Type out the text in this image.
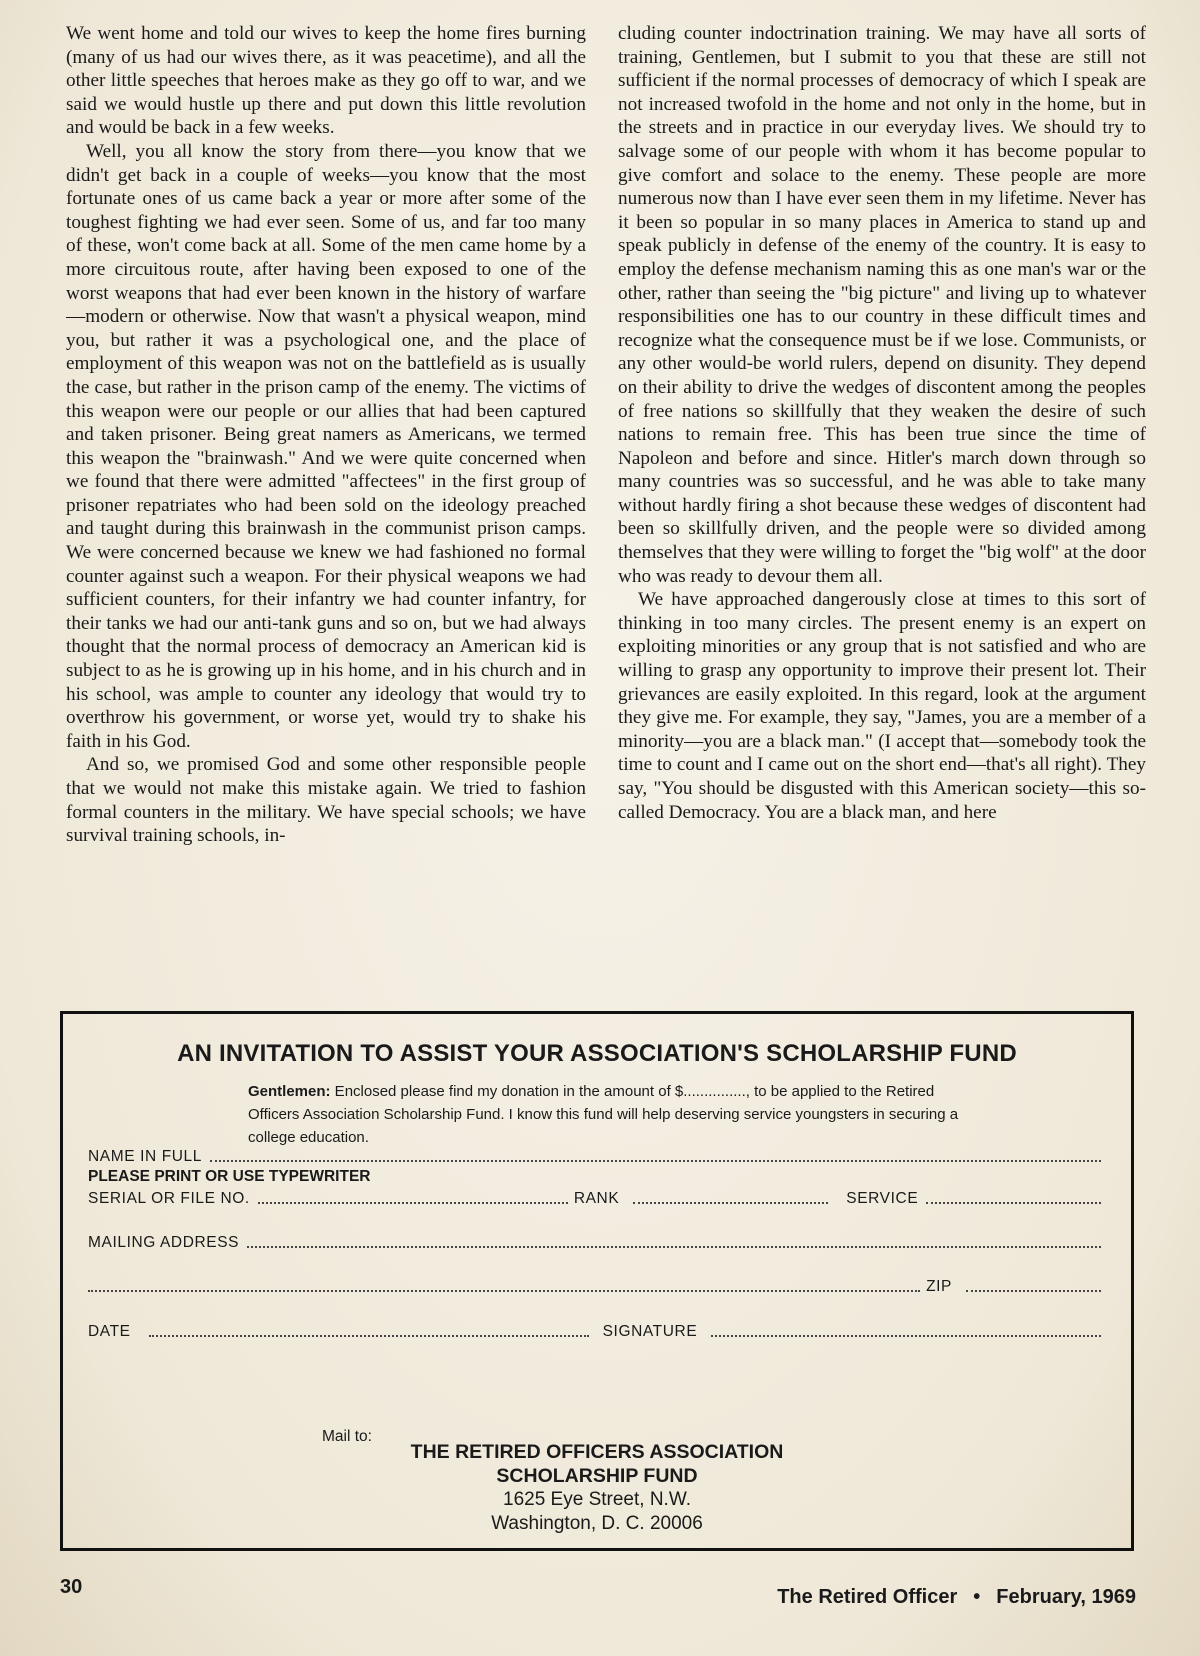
We went home and told our wives to keep the home fires burning (many of us had our wives there, as it was peacetime), and all the other little speeches that heroes make as they go off to war, and we said we would hustle up there and put down this little revolution and would be back in a few weeks.

Well, you all know the story from there—you know that we didn't get back in a couple of weeks—you know that the most fortunate ones of us came back a year or more after some of the toughest fighting we had ever seen. Some of us, and far too many of these, won't come back at all. Some of the men came home by a more circuitous route, after having been exposed to one of the worst weapons that had ever been known in the history of warfare—modern or otherwise. Now that wasn't a physical weapon, mind you, but rather it was a psychological one, and the place of employment of this weapon was not on the battlefield as is usually the case, but rather in the prison camp of the enemy. The victims of this weapon were our people or our allies that had been captured and taken prisoner. Being great namers as Americans, we termed this weapon the "brainwash." And we were quite concerned when we found that there were admitted "affectees" in the first group of prisoner repatriates who had been sold on the ideology preached and taught during this brainwash in the communist prison camps. We were concerned because we knew we had fashioned no formal counter against such a weapon. For their physical weapons we had sufficient counters, for their infantry we had counter infantry, for their tanks we had our anti-tank guns and so on, but we had always thought that the normal process of democracy an American kid is subject to as he is growing up in his home, and in his church and in his school, was ample to counter any ideology that would try to overthrow his government, or worse yet, would try to shake his faith in his God.

And so, we promised God and some other responsible people that we would not make this mistake again. We tried to fashion formal counters in the military. We have special schools; we have survival training schools, in-

cluding counter indoctrination training. We may have all sorts of training, Gentlemen, but I submit to you that these are still not sufficient if the normal processes of democracy of which I speak are not increased twofold in the home and not only in the home, but in the streets and in practice in our everyday lives. We should try to salvage some of our people with whom it has become popular to give comfort and solace to the enemy. These people are more numerous now than I have ever seen them in my lifetime. Never has it been so popular in so many places in America to stand up and speak publicly in defense of the enemy of the country. It is easy to employ the defense mechanism naming this as one man's war or the other, rather than seeing the "big picture" and living up to whatever responsibilities one has to our country in these difficult times and recognize what the consequence must be if we lose. Communists, or any other would-be world rulers, depend on disunity. They depend on their ability to drive the wedges of discontent among the peoples of free nations so skillfully that they weaken the desire of such nations to remain free. This has been true since the time of Napoleon and before and since. Hitler's march down through so many countries was so successful, and he was able to take many without hardly firing a shot because these wedges of discontent had been so skillfully driven, and the people were so divided among themselves that they were willing to forget the "big wolf" at the door who was ready to devour them all.

We have approached dangerously close at times to this sort of thinking in too many circles. The present enemy is an expert on exploiting minorities or any group that is not satisfied and who are willing to grasp any opportunity to improve their present lot. Their grievances are easily exploited. In this regard, look at the argument they give me. For example, they say, "James, you are a member of a minority—you are a black man." (I accept that—somebody took the time to count and I came out on the short end—that's all right). They say, "You should be disgusted with this American society—this so-called Democracy. You are a black man, and here

AN INVITATION TO ASSIST YOUR ASSOCIATION'S SCHOLARSHIP FUND
Gentlemen: Enclosed please find my donation in the amount of $..............., to be applied to the Retired Officers Association Scholarship Fund. I know this fund will help deserving service youngsters in securing a college education.
PLEASE PRINT OR USE TYPEWRITER
NAME IN FULL
SERIAL OR FILE NO.	RANK	SERVICE
MAILING ADDRESS
ZIP
DATE	SIGNATURE
Mail to:
THE RETIRED OFFICERS ASSOCIATION
SCHOLARSHIP FUND
1625 Eye Street, N.W.
Washington, D. C. 20006
30	The Retired Officer • February, 1969
